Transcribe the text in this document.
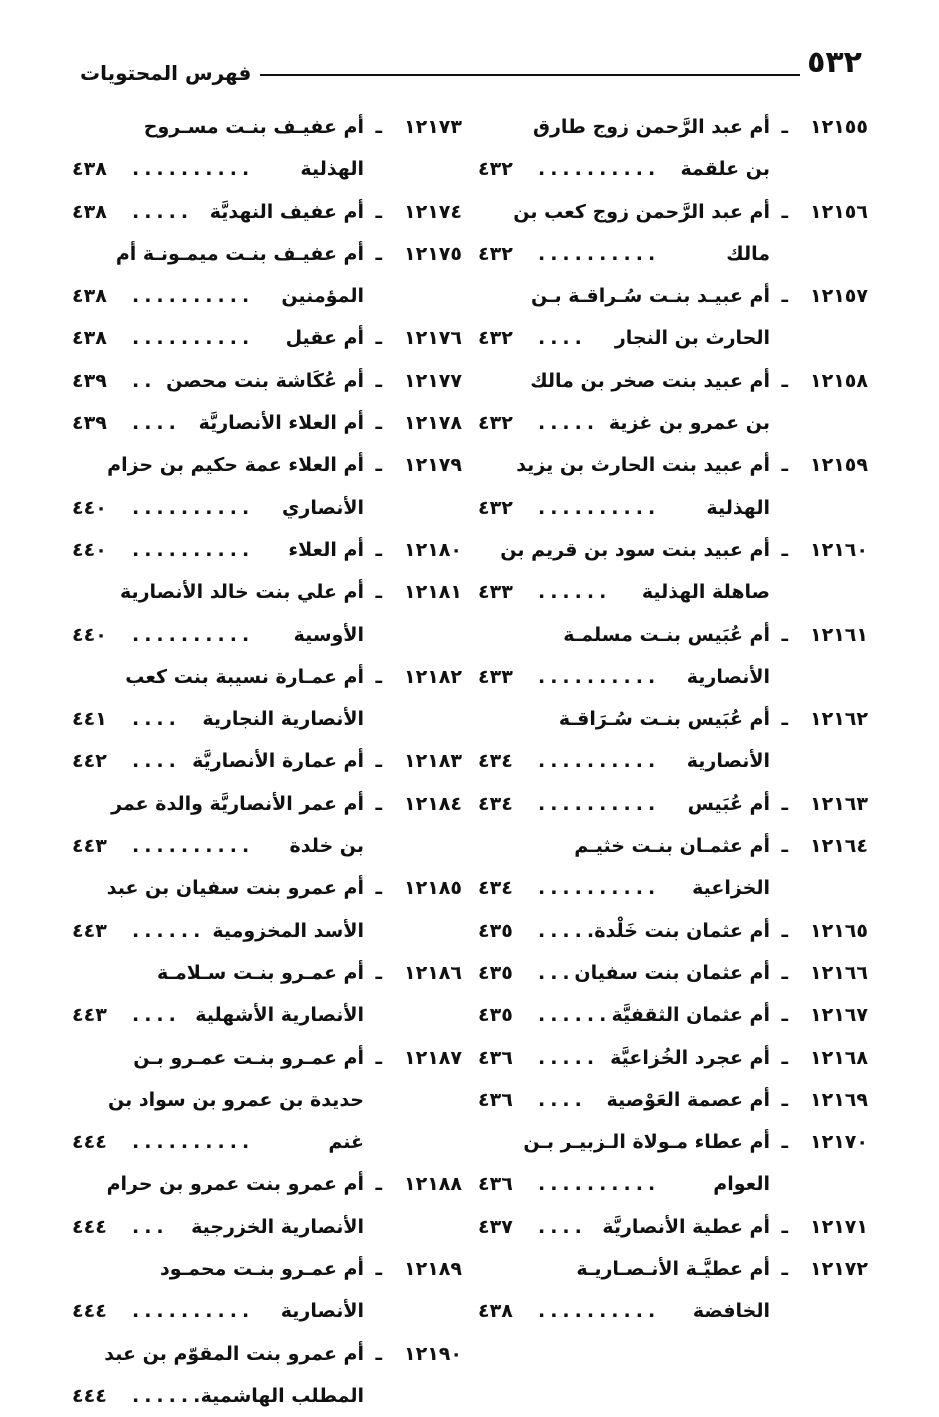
٥٣٢
فهرس المحتويات
١٢١٥٥
ـ
أم عبد الرَّحمن زوج طارق
بن علقمة
..........
٤٣٢
١٢١٥٦
ـ
أم عبد الرَّحمن زوج كعب بن
مالك
..........
٤٣٢
١٢١٥٧
ـ
أم عبيـد بنـت سُـراقـة بـن
الحارث بن النجار
....
٤٣٢
١٢١٥٨
ـ
أم عبيد بنت صخر بن مالك
بن عمرو بن غزية
.....
٤٣٢
١٢١٥٩
ـ
أم عبيد بنت الحارث بن يزيد
الهذلية
..........
٤٣٢
١٢١٦٠
ـ
أم عبيد بنت سود بن قريم بن
صاهلة الهذلية
......
٤٣٣
١٢١٦١
ـ
أم عُبَيس بنـت مسلمـة
الأنصارية
..........
٤٣٣
١٢١٦٢
ـ
أم عُبَيس بنـت سُـرَاقـة
الأنصارية
..........
٤٣٤
١٢١٦٣
ـ
أم عُبَيس
..........
٤٣٤
١٢١٦٤
ـ
أم عثمـان بنـت خثيـم
الخزاعية
..........
٤٣٤
١٢١٦٥
ـ
أم عثمان بنت خَلْدة
......
٤٣٥
١٢١٦٦
ـ
أم عثمان بنت سفيان
...
٤٣٥
١٢١٦٧
ـ
أم عثمان الثقفيَّة
......
٤٣٥
١٢١٦٨
ـ
أم عجرد الخُزاعيَّة
.....
٤٣٦
١٢١٦٩
ـ
أم عصمة العَوْصية
....
٤٣٦
١٢١٧٠
ـ
أم عطاء مـولاة الـزبيـر بـن
العوام
..........
٤٣٦
١٢١٧١
ـ
أم عطية الأنصاريَّة
....
٤٣٧
١٢١٧٢
ـ
أم عطيَّـة الأنـصـاريـة
الخافضة
..........
٤٣٨
١٢١٧٣
ـ
أم عفيـف بنـت مسـروح
الهذلية
..........
٤٣٨
١٢١٧٤
ـ
أم عفيف النهديَّة
.....
٤٣٨
١٢١٧٥
ـ
أم عفيـف بنـت ميمـونـة أم
المؤمنين
..........
٤٣٨
١٢١٧٦
ـ
أم عقيل
..........
٤٣٨
١٢١٧٧
ـ
أم عُكَاشة بنت محصن
..
٤٣٩
١٢١٧٨
ـ
أم العلاء الأنصاريَّة
....
٤٣٩
١٢١٧٩
ـ
أم العلاء عمة حكيم بن حزام
الأنصاري
..........
٤٤٠
١٢١٨٠
ـ
أم العلاء
..........
٤٤٠
١٢١٨١
ـ
أم علي بنت خالد الأنصارية
الأوسية
..........
٤٤٠
١٢١٨٢
ـ
أم عمـارة نسيبة بنت كعب
الأنصارية النجارية
....
٤٤١
١٢١٨٣
ـ
أم عمارة الأنصاريَّة
....
٤٤٢
١٢١٨٤
ـ
أم عمر الأنصاريَّة والدة عمر
بن خلدة
..........
٤٤٣
١٢١٨٥
ـ
أم عمرو بنت سفيان بن عبد
الأسد المخزومية
......
٤٤٣
١٢١٨٦
ـ
أم عمـرو بنـت سـلامـة
الأنصارية الأشهلية
....
٤٤٣
١٢١٨٧
ـ
أم عمـرو بنـت عمـرو بـن
حديدة بن عمرو بن سواد بن
غنم
..........
٤٤٤
١٢١٨٨
ـ
أم عمرو بنت عمرو بن حرام
الأنصارية الخزرجية
...
٤٤٤
١٢١٨٩
ـ
أم عمـرو بنـت محمـود
الأنصارية
..........
٤٤٤
١٢١٩٠
ـ
أم عمرو بنت المقوّم بن عبد
المطلب الهاشمية
......
٤٤٤
